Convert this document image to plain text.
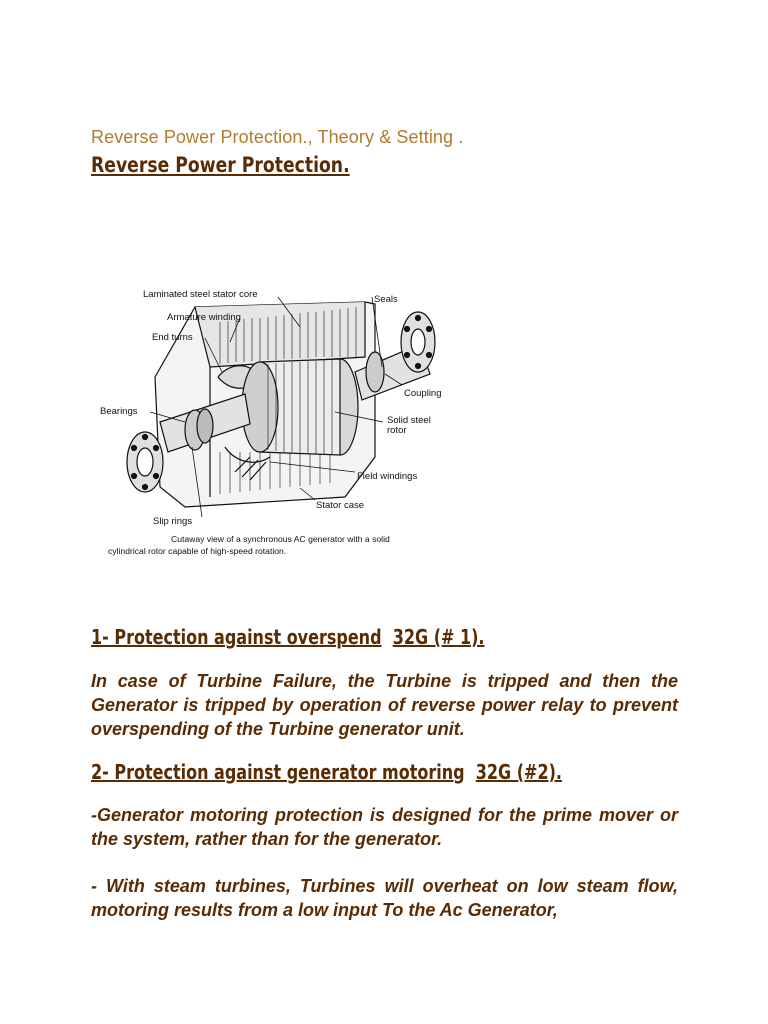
Reverse Power Protection., Theory & Setting .
Reverse Power Protection.
Laminated steel stator core
Armature winding
End turns
Bearings
Slip rings
Seals
Coupling
Solid steel
rotor
Field windings
Stator case
Cutaway view of a synchronous AC generator with a solid
cylindrical rotor capable of high-speed rotation.
1- Protection against overspend 32G (# 1).

In case of Turbine Failure, the Turbine is tripped and then the Generator is tripped by operation of reverse power relay to prevent overspending of the Turbine generator unit.

2- Protection against generator motoring 32G (#2).

-Generator motoring protection is designed for the prime mover or the system, rather than for the generator.

- With steam turbines, Turbines will overheat on low steam flow, motoring results from a low input To the Ac Generator,
